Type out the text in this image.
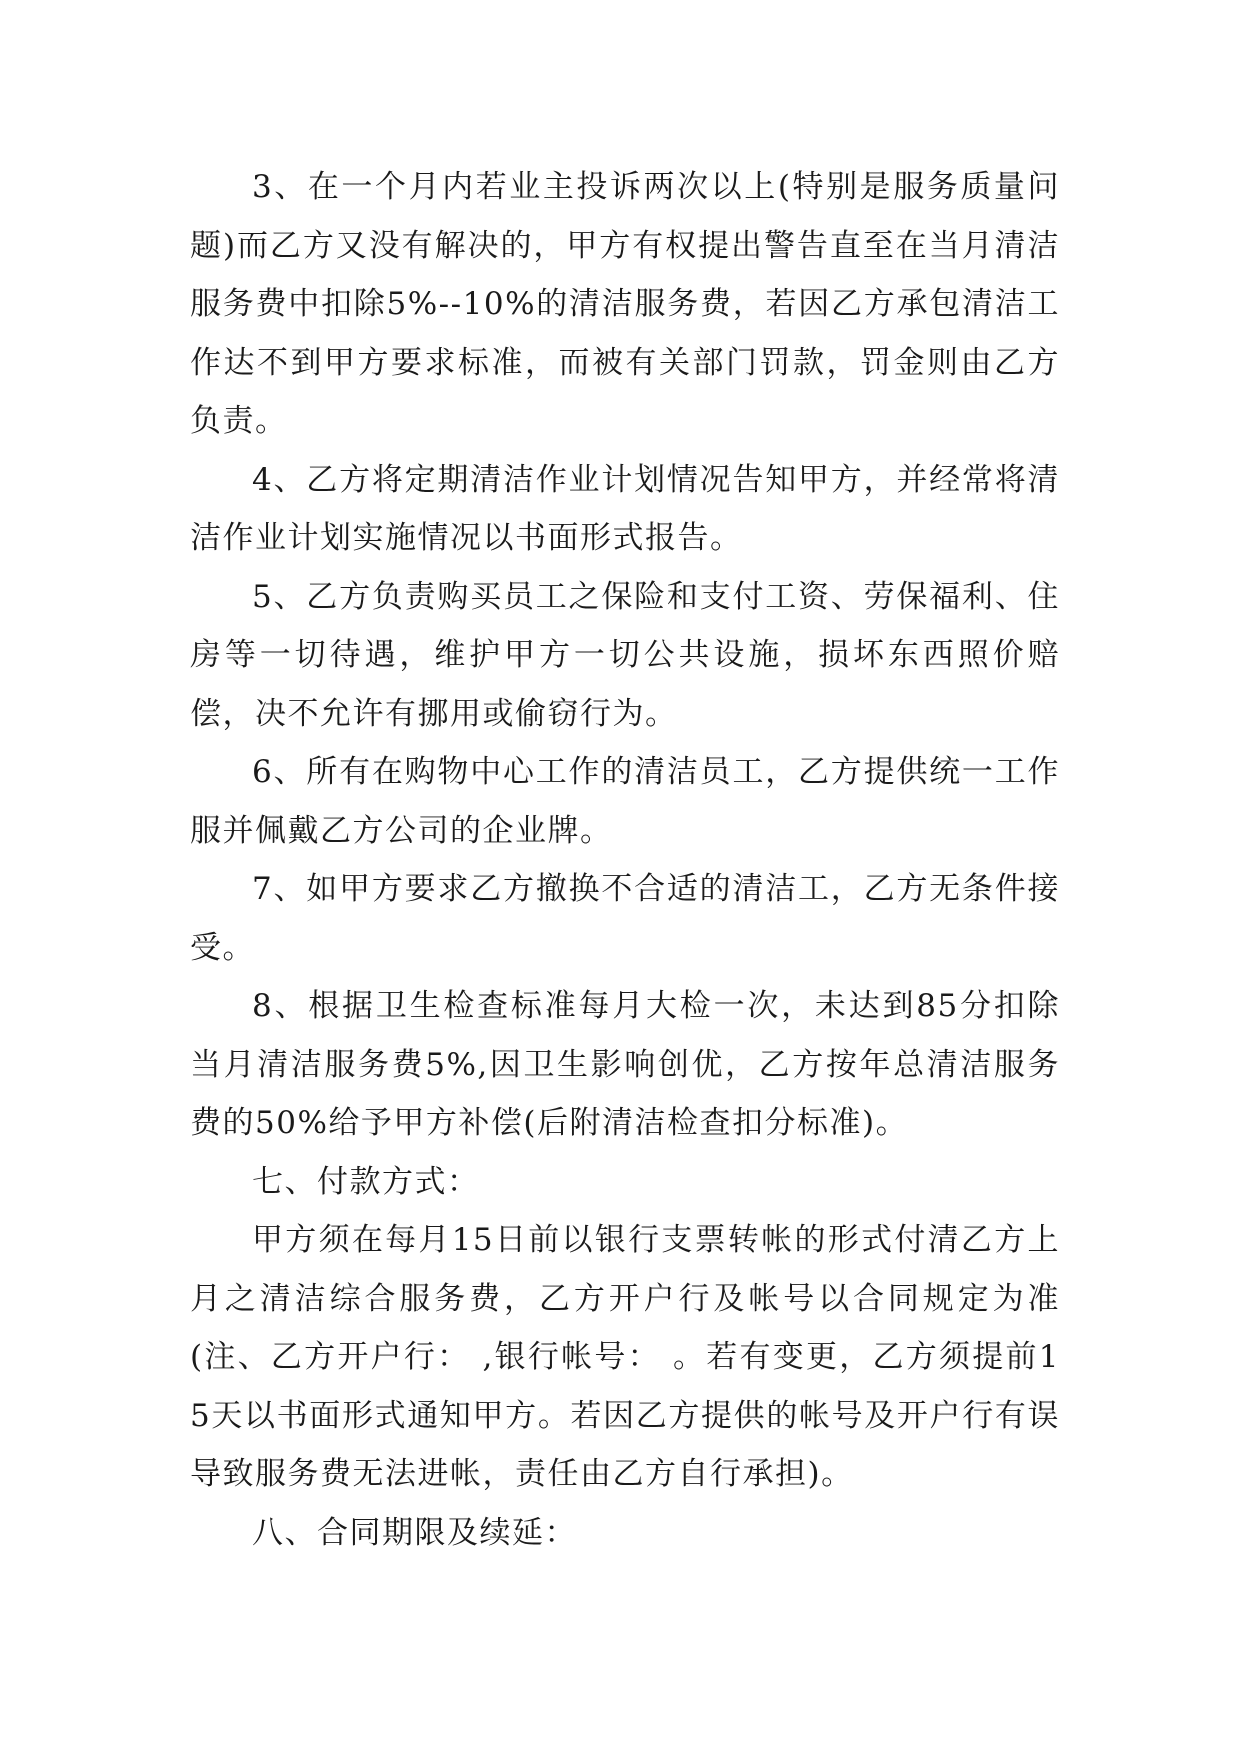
3、在一个月内若业主投诉两次以上(特别是服务质量问题)而乙方又没有解决的，甲方有权提出警告直至在当月清洁服务费中扣除5%--10%的清洁服务费，若因乙方承包清洁工作达不到甲方要求标准，而被有关部门罚款，罚金则由乙方负责。

4、乙方将定期清洁作业计划情况告知甲方，并经常将清洁作业计划实施情况以书面形式报告。

5、乙方负责购买员工之保险和支付工资、劳保福利、住房等一切待遇，维护甲方一切公共设施，损坏东西照价赔偿，决不允许有挪用或偷窃行为。

6、所有在购物中心工作的清洁员工，乙方提供统一工作服并佩戴乙方公司的企业牌。

7、如甲方要求乙方撤换不合适的清洁工，乙方无条件接受。

8、根据卫生检查标准每月大检一次，未达到85分扣除当月清洁服务费5%,因卫生影响创优，乙方按年总清洁服务费的50%给予甲方补偿(后附清洁检查扣分标准)。

七、付款方式：

甲方须在每月15日前以银行支票转帐的形式付清乙方上月之清洁综合服务费，乙方开户行及帐号以合同规定为准(注、乙方开户行： ,银行帐号： 。若有变更，乙方须提前15天以书面形式通知甲方。若因乙方提供的帐号及开户行有误导致服务费无法进帐，责任由乙方自行承担)。

八、合同期限及续延：
